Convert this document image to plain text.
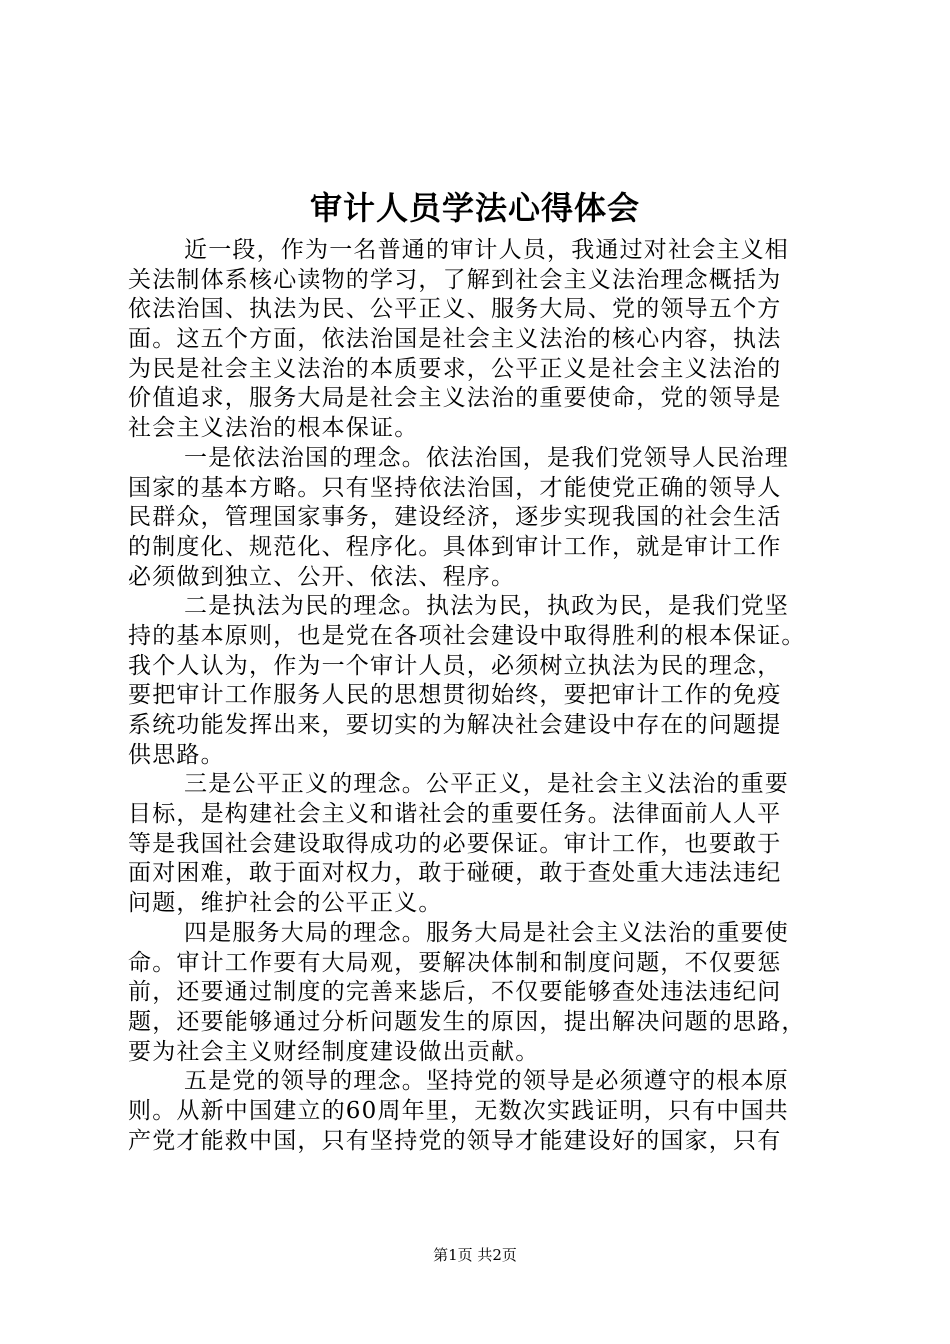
审计人员学法心得体会
近一段，作为一名普通的审计人员，我通过对社会主义相
关法制体系核心读物的学习，了解到社会主义法治理念概括为
依法治国、执法为民、公平正义、服务大局、党的领导五个方
面。这五个方面，依法治国是社会主义法治的核心内容，执法
为民是社会主义法治的本质要求，公平正义是社会主义法治的
价值追求，服务大局是社会主义法治的重要使命，党的领导是
社会主义法治的根本保证。
一是依法治国的理念。依法治国，是我们党领导人民治理
国家的基本方略。只有坚持依法治国，才能使党正确的领导人
民群众，管理国家事务，建设经济，逐步实现我国的社会生活
的制度化、规范化、程序化。具体到审计工作，就是审计工作
必须做到独立、公开、依法、程序。
二是执法为民的理念。执法为民，执政为民，是我们党坚
持的基本原则，也是党在各项社会建设中取得胜利的根本保证。
我个人认为，作为一个审计人员，必须树立执法为民的理念，
要把审计工作服务人民的思想贯彻始终，要把审计工作的免疫
系统功能发挥出来，要切实的为解决社会建设中存在的问题提
供思路。
三是公平正义的理念。公平正义，是社会主义法治的重要
目标，是构建社会主义和谐社会的重要任务。法律面前人人平
等是我国社会建设取得成功的必要保证。审计工作，也要敢于
面对困难，敢于面对权力，敢于碰硬，敢于查处重大违法违纪
问题，维护社会的公平正义。
四是服务大局的理念。服务大局是社会主义法治的重要使
命。审计工作要有大局观，要解决体制和制度问题，不仅要惩
前，还要通过制度的完善来毖后，不仅要能够查处违法违纪问
题，还要能够通过分析问题发生的原因，提出解决问题的思路，
要为社会主义财经制度建设做出贡献。
五是党的领导的理念。坚持党的领导是必须遵守的根本原
则。从新中国建立的60周年里，无数次实践证明，只有中国共
产党才能救中国，只有坚持党的领导才能建设好的国家，只有
第1页 共2页
